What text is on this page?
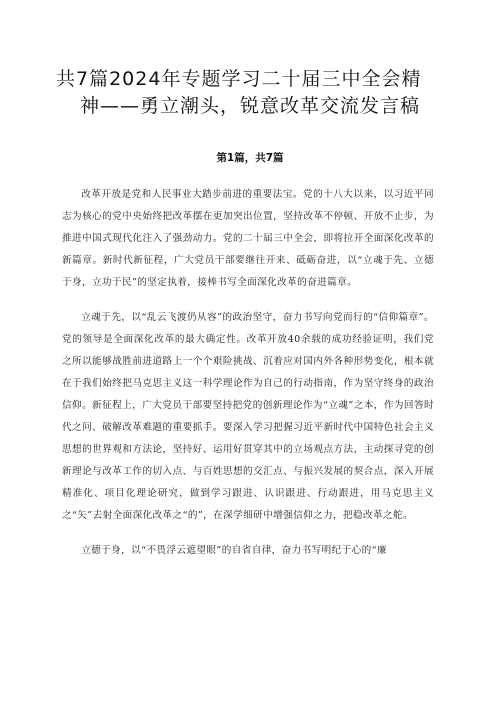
共7篇2024年专题学习二十届三中全会精
神——勇立潮头，锐意改革交流发言稿
第1篇，共7篇

改革开放是党和人民事业大踏步前进的重要法宝。党的十八大以来，以习近平同志为核心的党中央始终把改革摆在更加突出位置，坚持改革不停顿、开放不止步，为推进中国式现代化注入了强劲动力。党的二十届三中全会，即将拉开全面深化改革的新篇章。新时代新征程，广大党员干部要继往开来、砥砺奋进，以“立魂于先、立德于身，立功于民”的坚定执着，接棒书写全面深化改革的奋进篇章。

立魂于先，以“乱云飞渡仍从容”的政治坚守，奋力书写向党而行的“信仰篇章”。党的领导是全面深化改革的最大确定性。改革开放40余载的成功经验证明，我们党之所以能够战胜前进道路上一个个艰险挑战、沉着应对国内外各种形势变化，根本就在于我们始终把马克思主义这一科学理论作为自己的行动指南，作为坚守终身的政治信仰。新征程上，广大党员干部要坚持把党的创新理论作为“立魂”之本，作为回答时代之问、破解改革难题的重要抓手。要深入学习把握习近平新时代中国特色社会主义思想的世界观和方法论，坚持好、运用好贯穿其中的立场观点方法，主动探寻党的创新理论与改革工作的切入点、与百姓思想的交汇点、与振兴发展的契合点，深入开展精准化、项目化理论研究，做到学习跟进、认识跟进、行动跟进，用马克思主义之“矢”去射全面深化改革之“的”，在深学细研中增强信仰之力，把稳改革之舵。

立德于身，以“不畏浮云遮望眼”的自省自律，奋力书写明纪于心的“廉
